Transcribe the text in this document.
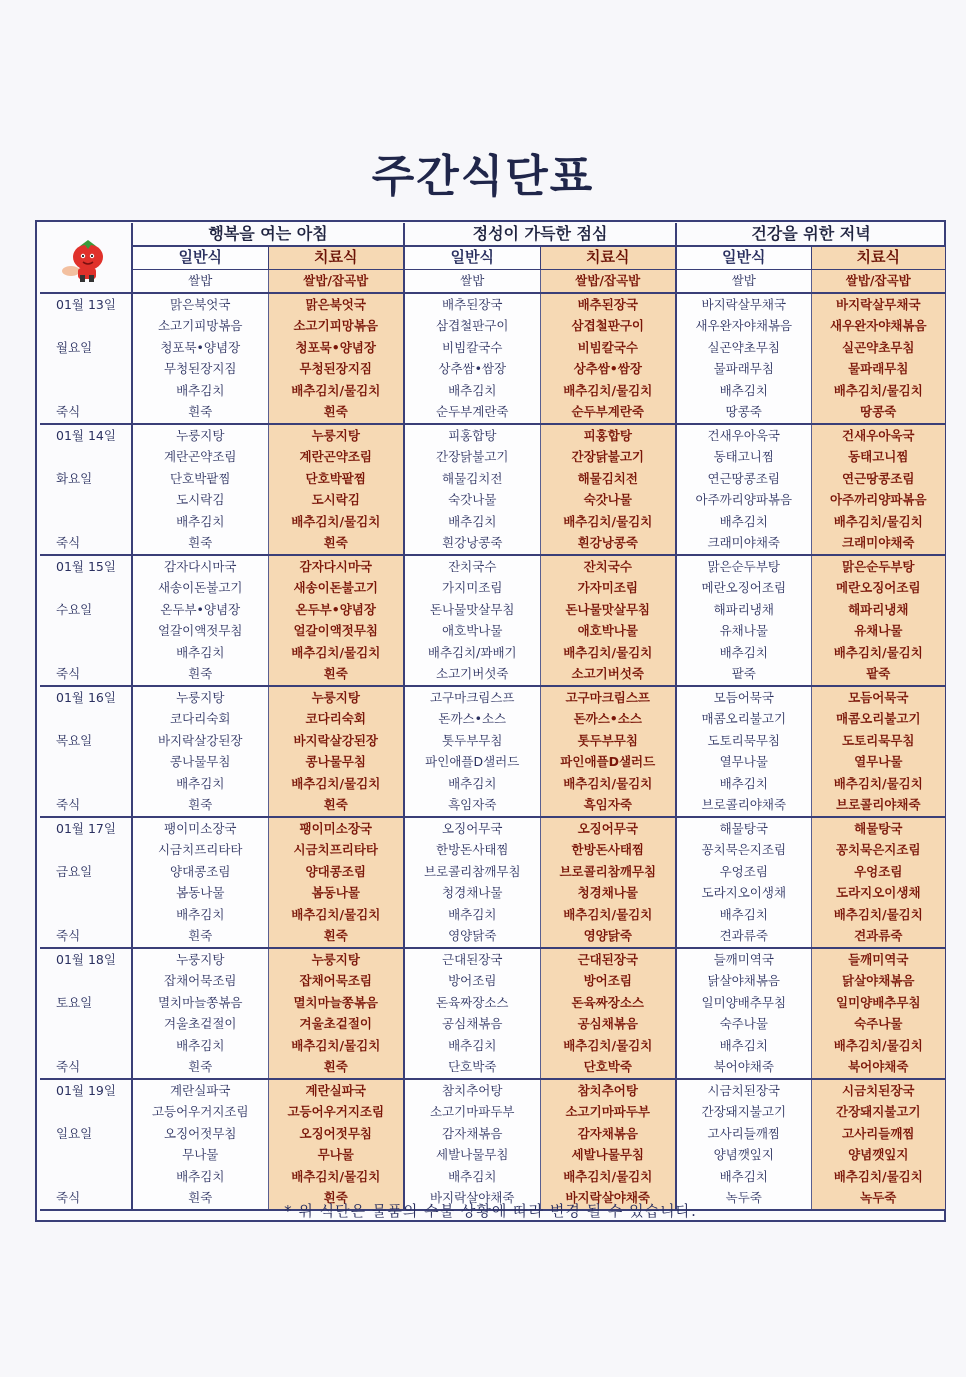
주간식단표
	행복을 여는 아침		정성이 가득한 점심		건강을 위한 저녁	
	일반식	치료식	일반식	치료식	일반식	치료식
	쌀밥	쌀밥/잡곡밥	쌀밥	쌀밥/잡곡밥	쌀밥	쌀밥/잡곡밥
01월 13일	맑은북엇국	맑은북엇국	배추된장국	배추된장국	바지락살무채국	바지락살무채국
	소고기피망볶음	소고기피망볶음	삼겹철판구이	삼겹철판구이	새우완자야채볶음	새우완자야채볶음
월요일	청포묵•양념장	청포묵•양념장	비빔칼국수	비빔칼국수	실곤약초무침	실곤약초무침
	무청된장지짐	무청된장지짐	상추쌈•쌈장	상추쌈•쌈장	물파래무침	물파래무침
	배추김치	배추김치/물김치	배추김치	배추김치/물김치	배추김치	배추김치/물김치
죽식	흰죽	흰죽	순두부계란죽	순두부계란죽	땅콩죽	땅콩죽
01월 14일	누룽지탕	누룽지탕	피홍합탕	피홍합탕	건새우아욱국	건새우아욱국
	계란곤약조림	계란곤약조림	간장닭불고기	간장닭불고기	동태고니찜	동태고니찜
화요일	단호박팥찜	단호박팥찜	해물김치전	해물김치전	연근땅콩조림	연근땅콩조림
	도시락김	도시락김	숙갓나물	숙갓나물	아주까리양파볶음	아주까리양파볶음
	배추김치	배추김치/물김치	배추김치	배추김치/물김치	배추김치	배추김치/물김치
죽식	흰죽	흰죽	흰강낭콩죽	흰강낭콩죽	크래미야채죽	크래미야채죽
01월 15일	감자다시마국	감자다시마국	잔치국수	잔치국수	맑은순두부탕	맑은순두부탕
	새송이돈불고기	새송이돈불고기	가지미조림	가자미조림	메란오징어조림	메란오징어조림
수요일	온두부•양념장	온두부•양념장	돈나물맛살무침	돈나물맛살무침	해파리냉채	해파리냉채
	얼갈이액젓무침	얼갈이액젓무침	애호박나물	애호박나물	유채나물	유채나물
	배추김치	배추김치/물김치	배추김치/꽈배기	배추김치/물김치	배추김치	배추김치/물김치
죽식	흰죽	흰죽	소고기버섯죽	소고기버섯죽	팥죽	팥죽
01월 16일	누룽지탕	누룽지탕	고구마크림스프	고구마크림스프	모듬어묵국	모듬어묵국
	코다리숙회	코다리숙회	돈까스•소스	돈까스•소스	매콤오리불고기	매콤오리불고기
목요일	바지락살강된장	바지락살강된장	톳두부무침	톳두부무침	도토리묵무침	도토리묵무침
	콩나물무침	콩나물무침	파인애플D샐러드	파인애플D샐러드	열무나물	열무나물
	배추김치	배추김치/물김치	배추김치	배추김치/물김치	배추김치	배추김치/물김치
죽식	흰죽	흰죽	흑임자죽	흑임자죽	브로콜리야채죽	브로콜리야채죽
01월 17일	팽이미소장국	팽이미소장국	오징어무국	오징어무국	해물탕국	해물탕국
	시금치프리타타	시금치프리타타	한방돈사태찜	한방돈사태찜	꽁치묵은지조림	꽁치묵은지조림
금요일	양대콩조림	양대콩조림	브로콜리참깨무침	브로콜리참깨무침	우엉조림	우엉조림
	봄동나물	봄동나물	청경채나물	청경채나물	도라지오이생채	도라지오이생채
	배추김치	배추김치/물김치	배추김치	배추김치/물김치	배추김치	배추김치/물김치
죽식	흰죽	흰죽	영양닭죽	영양닭죽	견과류죽	견과류죽
01월 18일	누룽지탕	누룽지탕	근대된장국	근대된장국	들깨미역국	들깨미역국
	잡채어묵조림	잡채어묵조림	방어조림	방어조림	닭살야채볶음	닭살야채볶음
토요일	멸치마늘쫑볶음	멸치마늘쫑볶음	돈육짜장소스	돈육짜장소스	일미양배추무침	일미양배추무침
	겨울초겉절이	겨울초겉절이	공심채볶음	공심채볶음	숙주나물	숙주나물
	배추김치	배추김치/물김치	배추김치	배추김치/물김치	배추김치	배추김치/물김치
죽식	흰죽	흰죽	단호박죽	단호박죽	북어야채죽	북어야채죽
01월 19일	계란실파국	계란실파국	참치추어탕	참치추어탕	시금치된장국	시금치된장국
	고등어우거지조림	고등어우거지조림	소고기마파두부	소고기마파두부	간장돼지불고기	간장돼지불고기
일요일	오징어젓무침	오징어젓무침	감자채볶음	감자채볶음	고사리들깨찜	고사리들깨찜
	무나물	무나물	세발나물무침	세발나물무침	양념깻잎지	양념깻잎지
	배추김치	배추김치/물김치	배추김치	배추김치/물김치	배추김치	배추김치/물김치
죽식	흰죽	흰죽	바지락살야채죽	바지락살야채죽	녹두죽	녹두죽
* 위 식단은 물품의 수불 상황에 따라 변경 될 수 있습니다.
